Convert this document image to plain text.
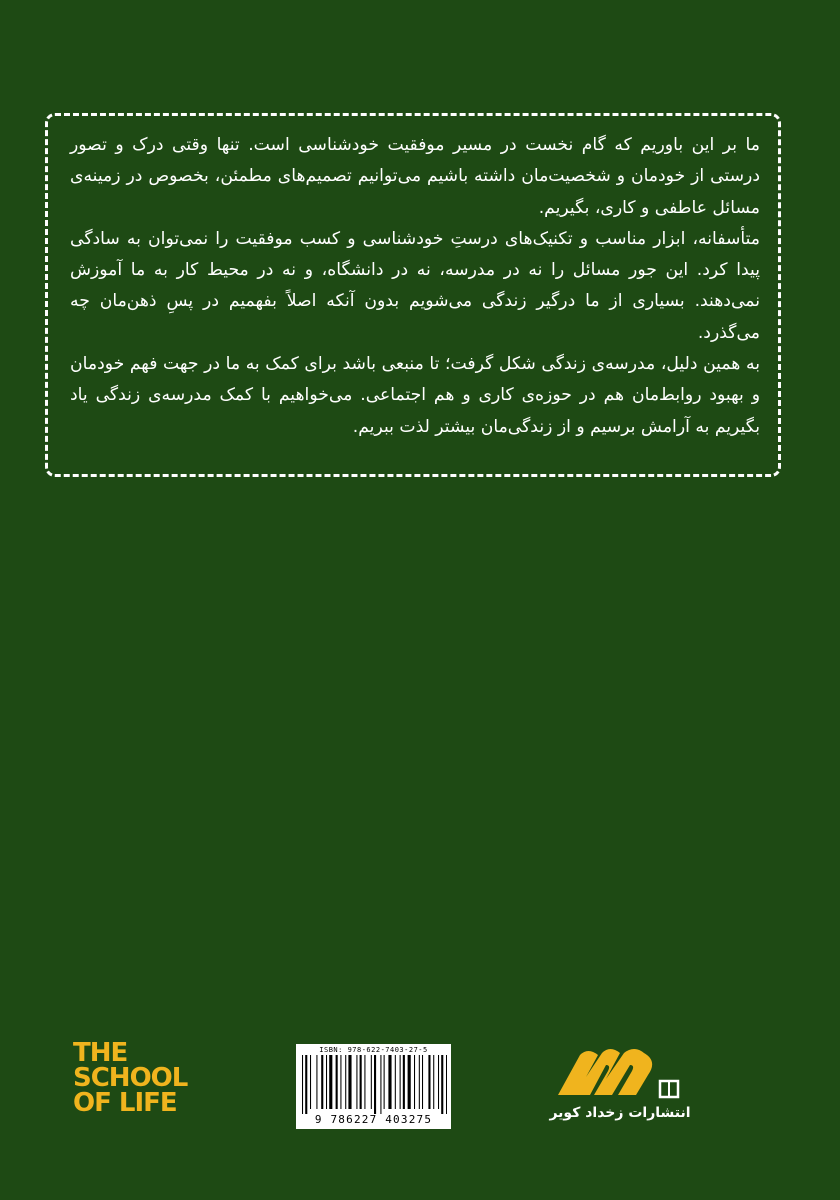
ما بر این باوریم که گام نخست در مسیر موفقیت خودشناسی است. تنها وقتی درک و تصور درستی از خودمان و شخصیت‌مان داشته باشیم می‌توانیم تصمیم‌های مطمئن، بخصوص در زمینه‌ی مسائل عاطفی و کاری، بگیریم.

متأسفانه، ابزار مناسب و تکنیک‌های درستِ خودشناسی و کسب موفقیت را نمی‌توان به سادگی پیدا کرد. این جور مسائل را نه در مدرسه، نه در دانشگاه، و نه در محیط کار به ما آموزش نمی‌دهند. بسیاری از ما درگیر زندگی می‌شویم بدون آنکه اصلاً بفهمیم در پسِ ذهن‌مان چه می‌گذرد.

به همین دلیل، مدرسه‌ی زندگی شکل گرفت؛ تا منبعی باشد برای کمک به ما در جهت فهم خودمان و بهبود روابط‌مان هم در حوزه‌ی کاری و هم اجتماعی. می‌خواهیم با کمک مدرسه‌ی زندگی یاد بگیریم به آرامش برسیم و از زندگی‌مان بیشتر لذت ببریم.

THE
SCHOOL
OF LIFE
ISBN: 978-622-7403-27-5
9 786227 403275	انتشارات زخداد کویر
